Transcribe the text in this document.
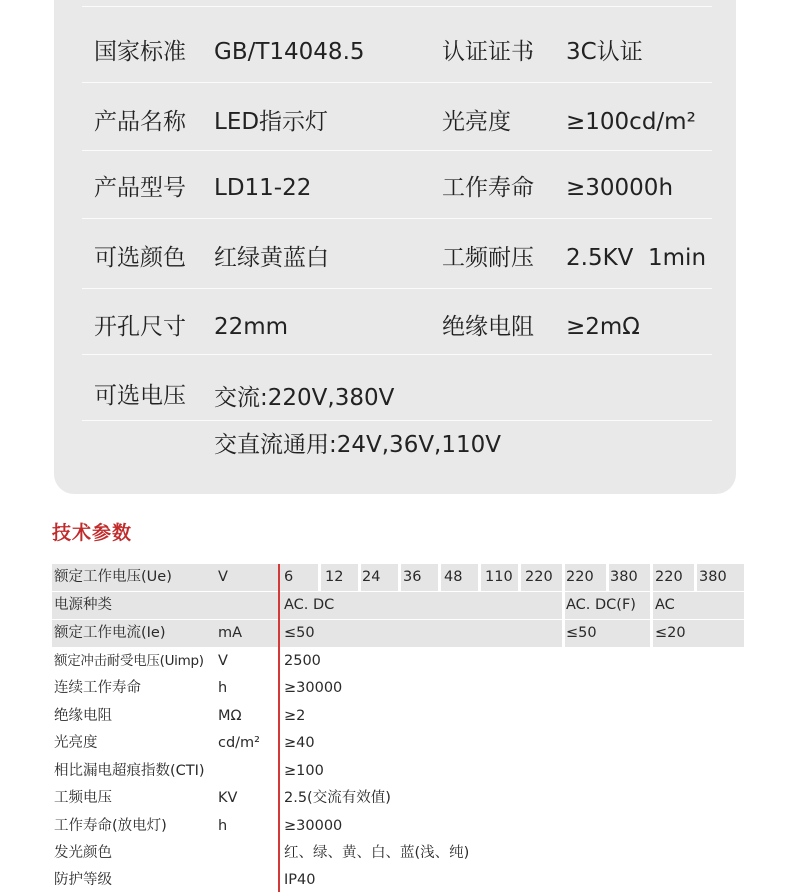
国家标准 GB/T14048.5	认证证书 3C认证
产品名称 LED指示灯	光亮度 ≥100cd/m²
产品型号 LD11-22	工作寿命 ≥30000h
可选颜色 红绿黄蓝白	工频耐压 2.5KV  1min
开孔尺寸 22mm	绝缘电阻 ≥2mΩ
可选电压 交流:220V,380V
交直流通用:24V,36V,110V
技术参数
额定工作电压(Ue)	V	6 12 24 36 48 110 220 220 380 220 380
电源种类	AC. DC	AC. DC(F) AC
额定工作电流(Ie)	mA	≤50	≤50	≤20
额定冲击耐受电压(Uimp) V	2500
连续工作寿命	h	≥30000
绝缘电阻	MΩ	≥2
光亮度	cd/m² ≥40
相比漏电超痕指数(CTI)	≥100
工频电压	KV	2.5(交流有效值)
工作寿命(放电灯)	h	≥30000
发光颜色	红、绿、黄、白、蓝(浅、纯)
防护等级	IP40
